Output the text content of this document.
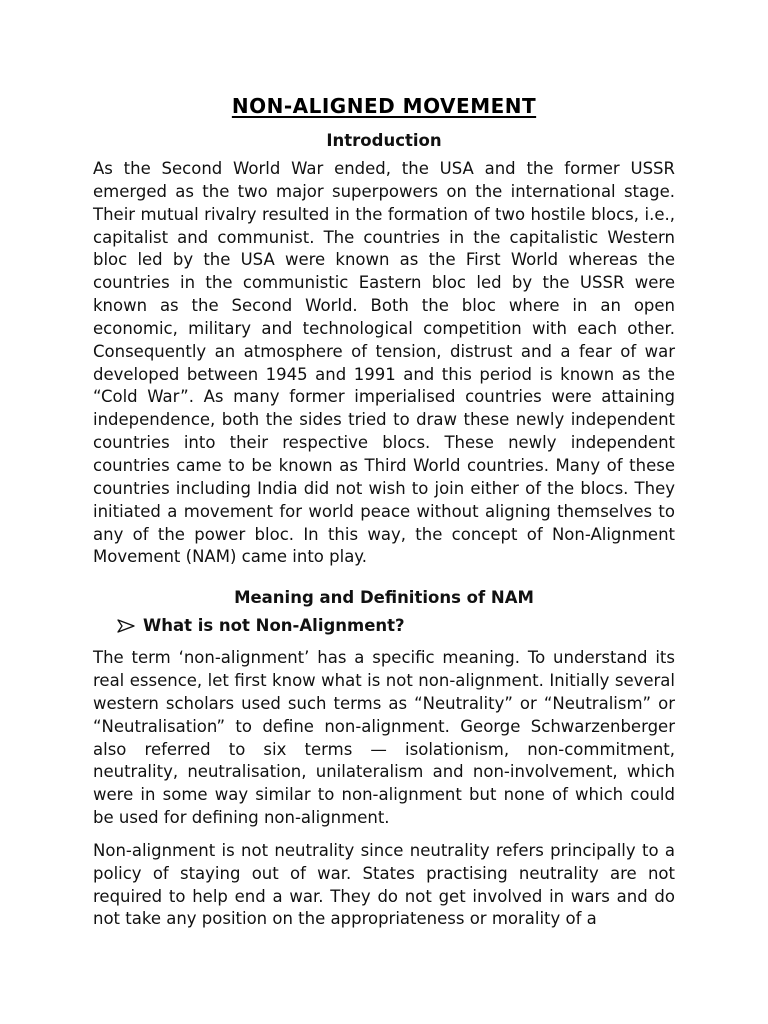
NON-ALIGNED MOVEMENT
Introduction

As the Second World War ended, the USA and the former USSR emerged as the two major superpowers on the international stage. Their mutual rivalry resulted in the formation of two hostile blocs, i.e., capitalist and communist. The countries in the capitalistic Western bloc led by the USA were known as the First World whereas the countries in the communistic Eastern bloc led by the USSR were known as the Second World. Both the bloc where in an open economic, military and technological competition with each other. Consequently an atmosphere of tension, distrust and a fear of war developed between 1945 and 1991 and this period is known as the “Cold War”. As many former imperialised countries were attaining independence, both the sides tried to draw these newly independent countries into their respective blocs. These newly independent countries came to be known as Third World countries. Many of these countries including India did not wish to join either of the blocs. They initiated a movement for world peace without aligning themselves to any of the power bloc. In this way, the concept of Non-Alignment Movement (NAM) came into play.

Meaning and Definitions of NAM
What is not Non-Alignment?

The term ‘non-alignment’ has a specific meaning. To understand its real essence, let first know what is not non-alignment. Initially several western scholars used such terms as “Neutrality” or “Neutralism” or “Neutralisation” to define non-alignment. George Schwarzenberger also referred to six terms — isolationism, non-commitment, neutrality, neutralisation, unilateralism and non-involvement, which were in some way similar to non-alignment but none of which could be used for defining non-alignment.

Non-alignment is not neutrality since neutrality refers principally to a policy of staying out of war. States practising neutrality are not required to help end a war. They do not get involved in wars and do not take any position on the appropriateness or morality of a
